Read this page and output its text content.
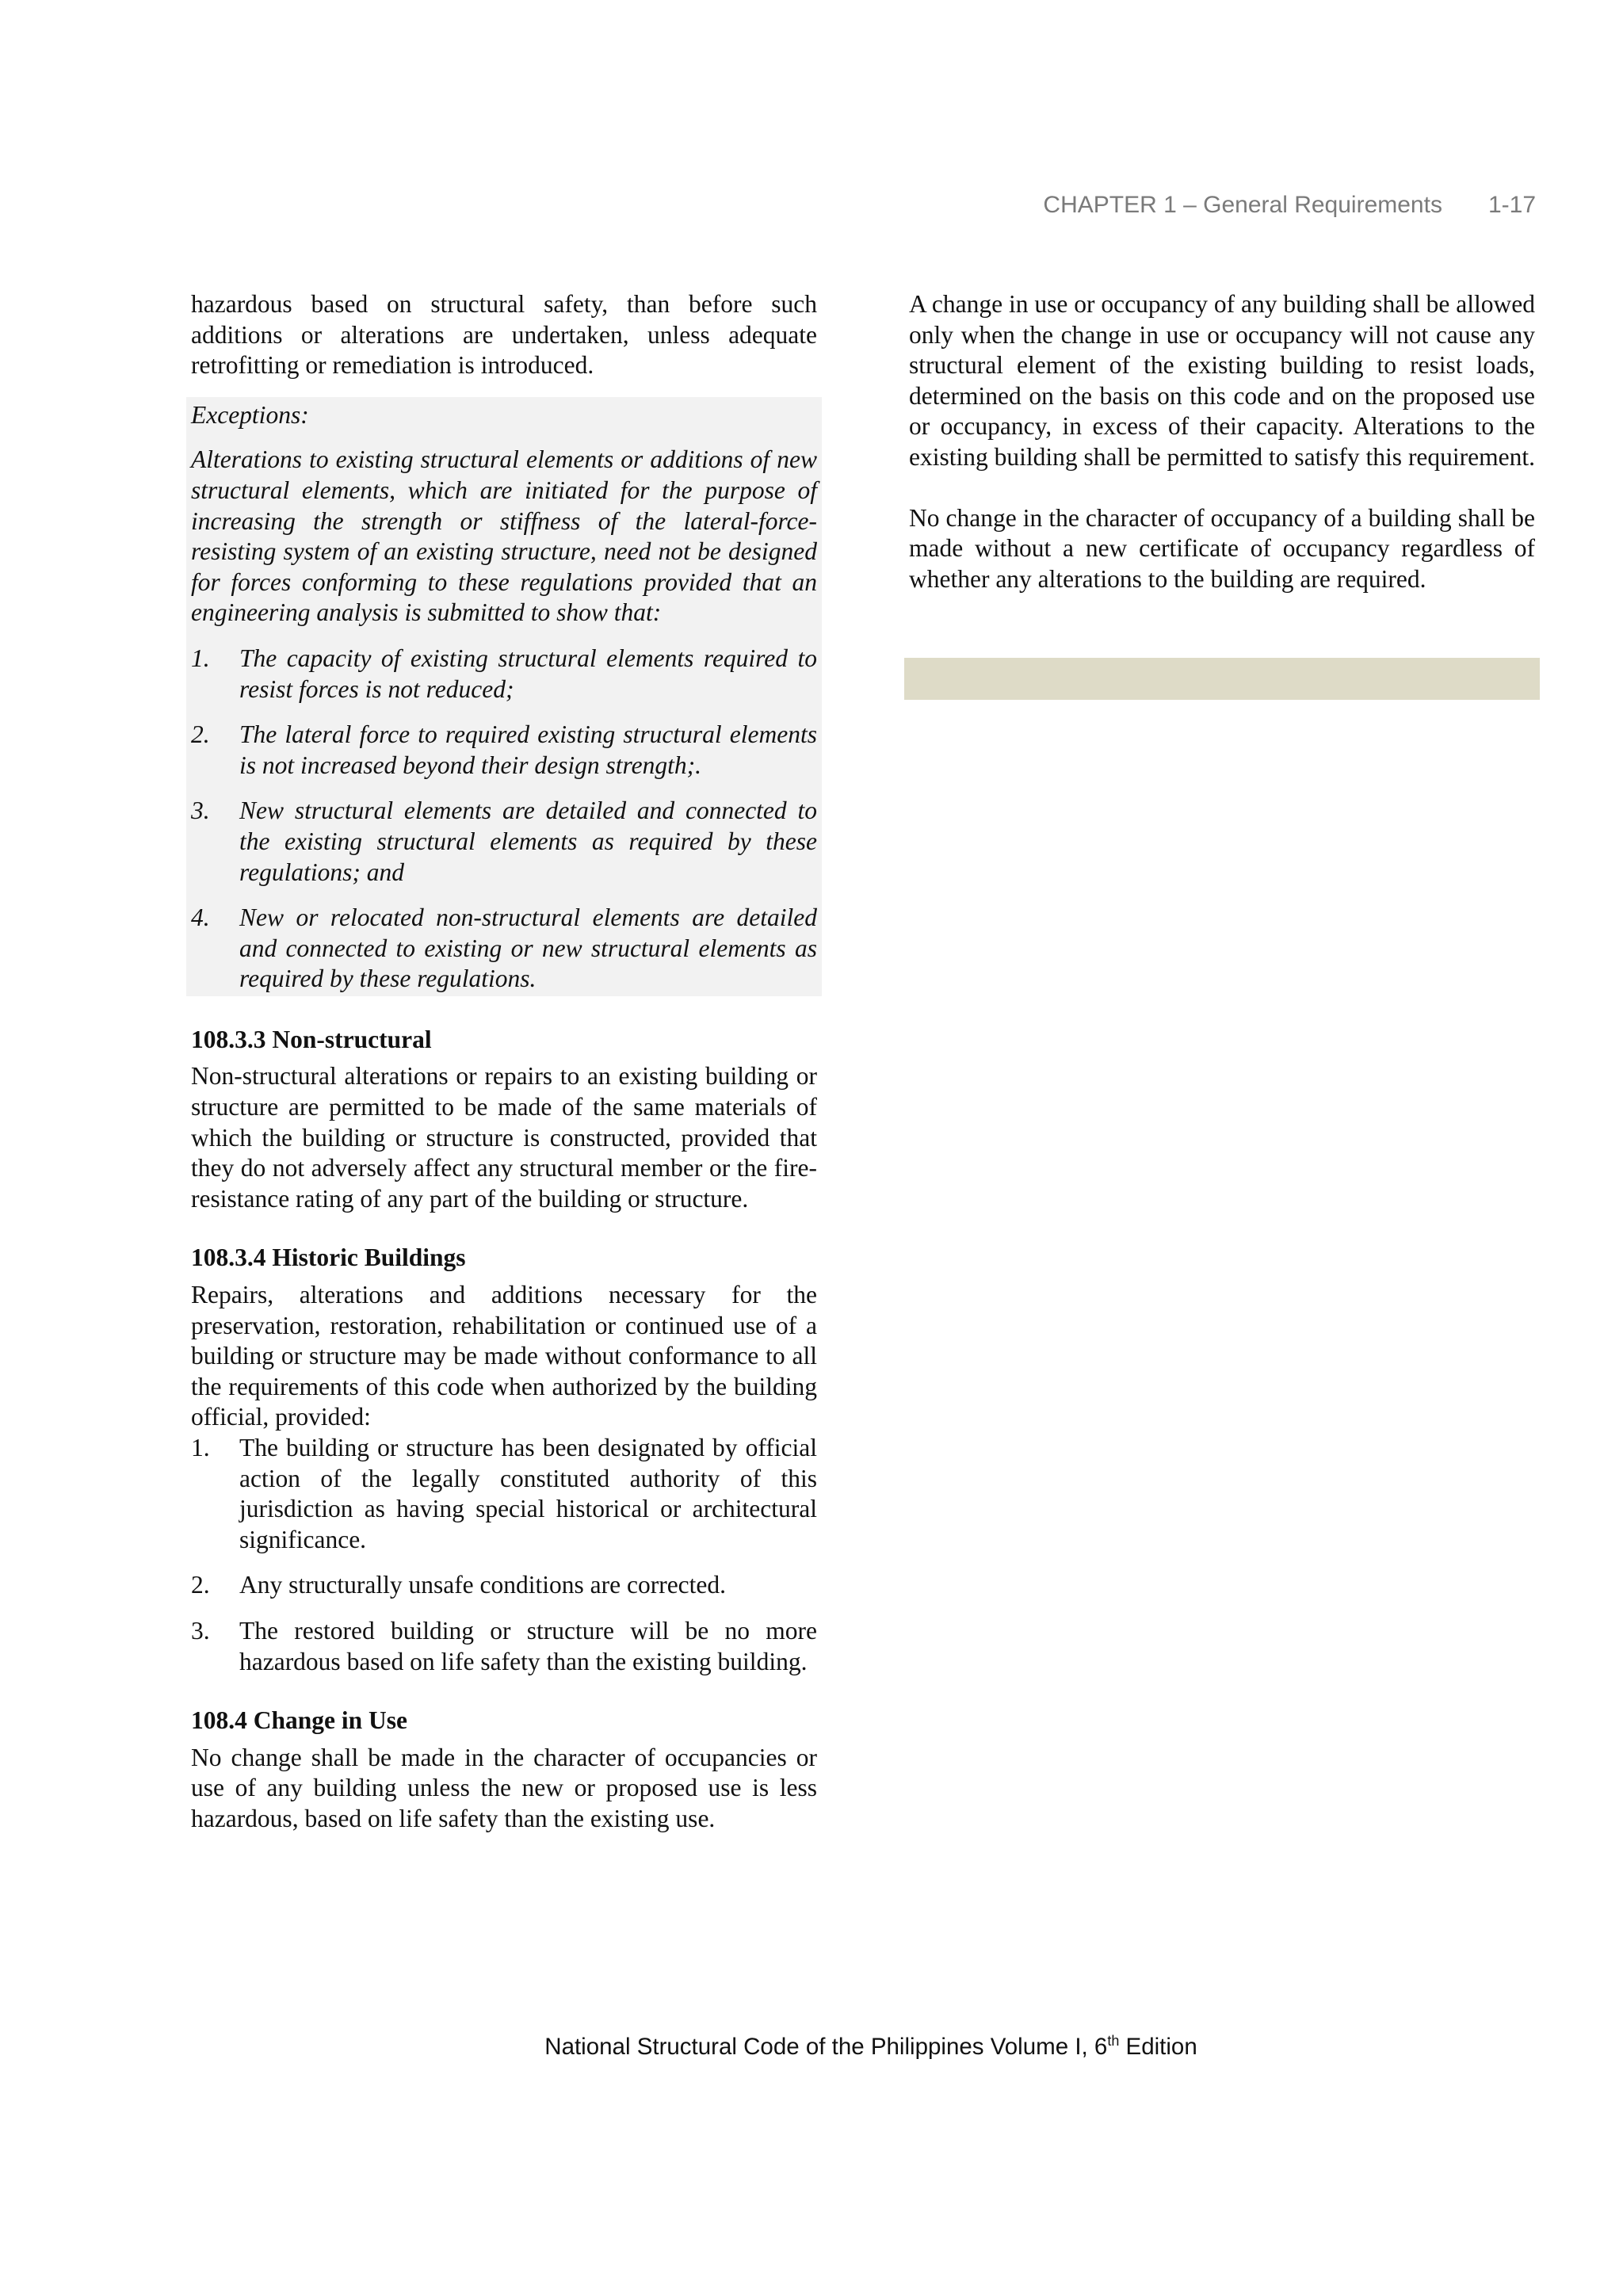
CHAPTER 1 – General Requirements 1-17

hazardous based on structural safety, than before such additions or alterations are undertaken, unless adequate retrofitting or remediation is introduced.

Exceptions:

Alterations to existing structural elements or additions of new structural elements, which are initiated for the purpose of increasing the strength or stiffness of the lateral-force-resisting system of an existing structure, need not be designed for forces conforming to these regulations provided that an engineering analysis is submitted to show that:

1. The capacity of existing structural elements required to resist forces is not reduced;
2. The lateral force to required existing structural elements is not increased beyond their design strength;.
3. New structural elements are detailed and connected to the existing structural elements as required by these regulations; and
4. New or relocated non-structural elements are detailed and connected to existing or new structural elements as required by these regulations.

108.3.3 Non-structural

Non-structural alterations or repairs to an existing building or structure are permitted to be made of the same materials of which the building or structure is constructed, provided that they do not adversely affect any structural member or the fire-resistance rating of any part of the building or structure.

108.3.4 Historic Buildings

Repairs, alterations and additions necessary for the preservation, restoration, rehabilitation or continued use of a building or structure may be made without conformance to all the requirements of this code when authorized by the building official, provided:

1. The building or structure has been designated by official action of the legally constituted authority of this jurisdiction as having special historical or architectural significance.
2. Any structurally unsafe conditions are corrected.
3. The restored building or structure will be no more hazardous based on life safety than the existing building.

108.4 Change in Use

No change shall be made in the character of occupancies or use of any building unless the new or proposed use is less hazardous, based on life safety than the existing use.

A change in use or occupancy of any building shall be allowed only when the change in use or occupancy will not cause any structural element of the existing building to resist loads, determined on the basis on this code and on the proposed use or occupancy, in excess of their capacity. Alterations to the existing building shall be permitted to satisfy this requirement.

No change in the character of occupancy of a building shall be made without a new certificate of occupancy regardless of whether any alterations to the building are required.

National Structural Code of the Philippines Volume I, 6th Edition
